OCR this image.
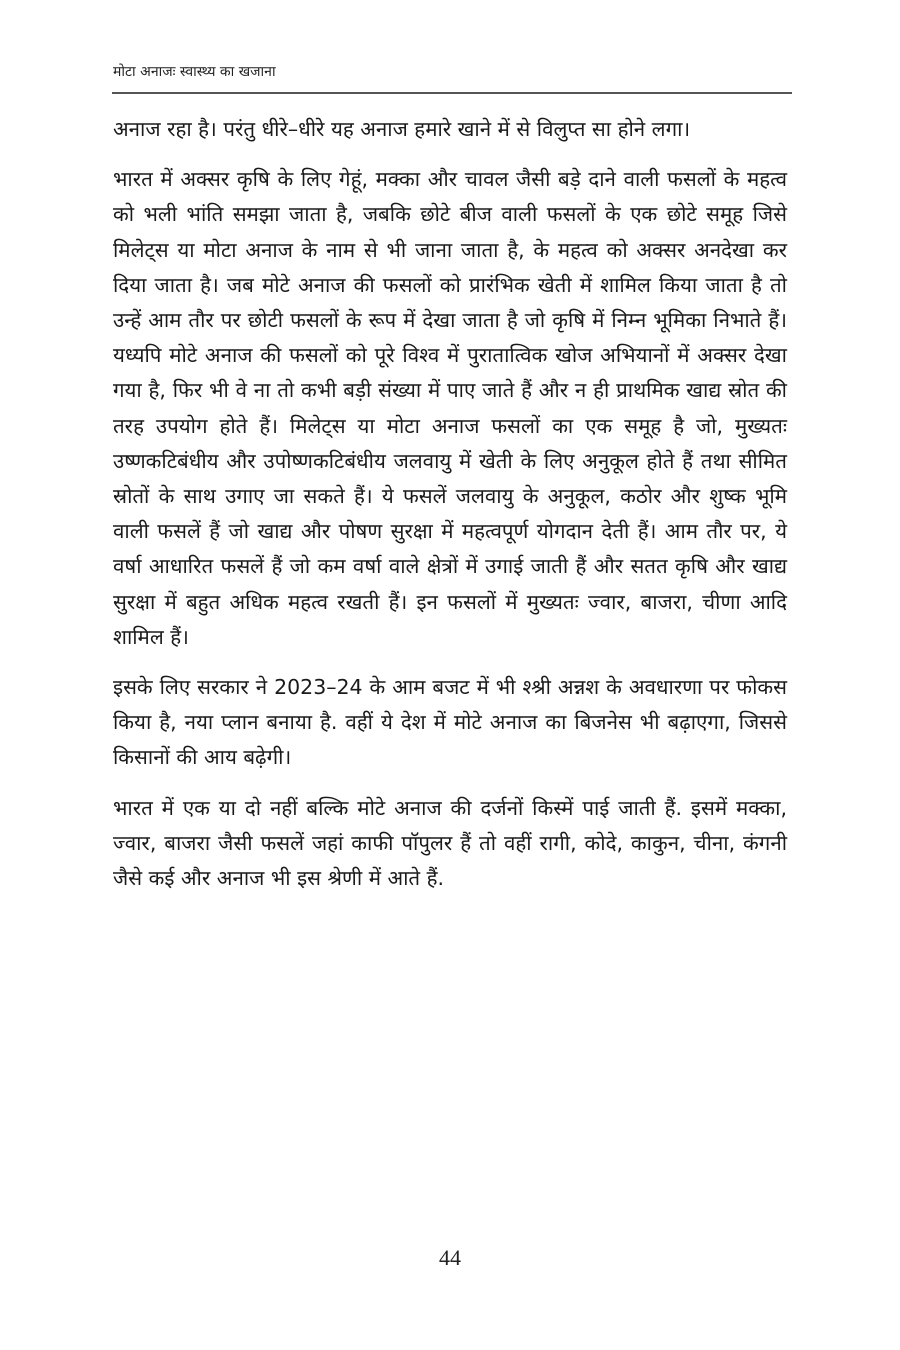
मोटा अनाजः स्वास्थ्य का खजाना

अनाज रहा है। परंतु धीरे–धीरे यह अनाज हमारे खाने में से विलुप्त सा होने लगा।

भारत में अक्सर कृषि के लिए गेहूं, मक्का और चावल जैसी बड़े दाने वाली फसलों के महत्व को भली भांति समझा जाता है, जबकि छोटे बीज वाली फसलों के एक छोटे समूह जिसे मिलेट्स या मोटा अनाज के नाम से भी जाना जाता है, के महत्व को अक्सर अनदेखा कर दिया जाता है। जब मोटे अनाज की फसलों को प्रारंभिक खेती में शामिल किया जाता है तो उन्हें आम तौर पर छोटी फसलों के रूप में देखा जाता है जो कृषि में निम्न भूमिका निभाते हैं। यध्यपि मोटे अनाज की फसलों को पूरे विश्व में पुरातात्विक खोज अभियानों में अक्सर देखा गया है, फिर भी वे ना तो कभी बड़ी संख्या में पाए जाते हैं और न ही प्राथमिक खाद्य स्रोत की तरह उपयोग होते हैं। मिलेट्स या मोटा अनाज फसलों का एक समूह है जो, मुख्यतः उष्णकटिबंधीय और उपोष्णकटिबंधीय जलवायु में खेती के लिए अनुकूल होते हैं तथा सीमित स्रोतों के साथ उगाए जा सकते हैं। ये फसलें जलवायु के अनुकूल, कठोर और शुष्क भूमि वाली फसलें हैं जो खाद्य और पोषण सुरक्षा में महत्वपूर्ण योगदान देती हैं। आम तौर पर, ये वर्षा आधारित फसलें हैं जो कम वर्षा वाले क्षेत्रों में उगाई जाती हैं और सतत कृषि और खाद्य सुरक्षा में बहुत अधिक महत्व रखती हैं। इन फसलों में मुख्यतः ज्वार, बाजरा, चीणा आदि शामिल हैं।

इसके लिए सरकार ने 2023–24 के आम बजट में भी श्श्री अन्नश के अवधारणा पर फोकस किया है, नया प्लान बनाया है. वहीं ये देश में मोटे अनाज का बिजनेस भी बढ़ाएगा, जिससे किसानों की आय बढ़ेगी।

भारत में एक या दो नहीं बल्कि मोटे अनाज की दर्जनों किस्में पाई जाती हैं. इसमें मक्का, ज्वार, बाजरा जैसी फसलें जहां काफी पॉपुलर हैं तो वहीं रागी, कोदे, काकुन, चीना, कंगनी जैसे कई और अनाज भी इस श्रेणी में आते हैं.

44
